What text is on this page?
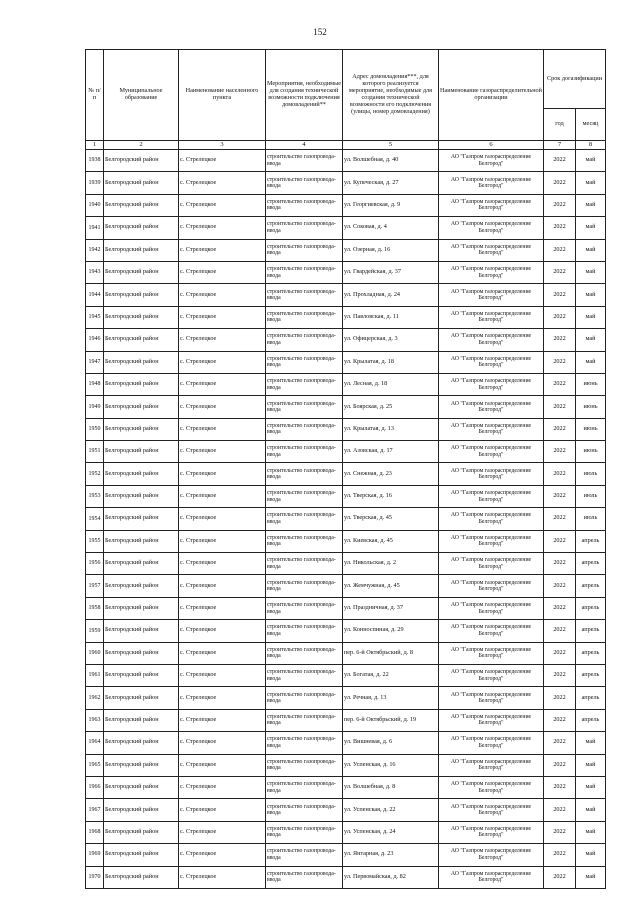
152
№ п/п	Муниципальное образование	Наименование населенного пункта	Мероприятия, необходимые для создания технической возможности подключения домовладений**	Адрес домовладения***, для которого реализуется мероприятие, необходимые для создания технической возможности его подключения (улицы, номер домовладения)	Наименование газораспределительной организации	Срок догазификации	
						год	месяц
1	2	3	4	5	6	7	8
1938	Белгородский район	с. Стрелецкое	строительство газопровода-ввода	ул. Волшебная, д. 40	АО "Газпром газораспределение Белгород"	2022	май
1939	Белгородский район	с. Стрелецкое	строительство газопровода-ввода	ул. Купеческая, д. 27	АО "Газпром газораспределение Белгород"	2022	май
1940	Белгородский район	с. Стрелецкое	строительство газопровода-ввода	ул. Георгиевская, д. 9	АО "Газпром газораспределение Белгород"	2022	май
1941	Белгородский район	с. Стрелецкое	строительство газопровода-ввода	ул. Соковая, д. 4	АО "Газпром газораспределение Белгород"	2022	май
1942	Белгородский район	с. Стрелецкое	строительство газопровода-ввода	ул. Озерная, д. 16	АО "Газпром газораспределение Белгород"	2022	май
1943	Белгородский район	с. Стрелецкое	строительство газопровода-ввода	ул. Гвардейская, д. 37	АО "Газпром газораспределение Белгород"	2022	май
1944	Белгородский район	с. Стрелецкое	строительство газопровода-ввода	ул. Прохладная, д. 24	АО "Газпром газораспределение Белгород"	2022	май
1945	Белгородский район	с. Стрелецкое	строительство газопровода-ввода	ул. Павловская, д. 11	АО "Газпром газораспределение Белгород"	2022	май
1946	Белгородский район	с. Стрелецкое	строительство газопровода-ввода	ул. Офицерская, д. 3	АО "Газпром газораспределение Белгород"	2022	май
1947	Белгородский район	с. Стрелецкое	строительство газопровода-ввода	ул. Крылатая, д. 18	АО "Газпром газораспределение Белгород"	2022	май
1948	Белгородский район	с. Стрелецкое	строительство газопровода-ввода	ул. Лесная, д. 18	АО "Газпром газораспределение Белгород"	2022	июнь
1949	Белгородский район	с. Стрелецкое	строительство газопровода-ввода	ул. Боярская, д. 25	АО "Газпром газораспределение Белгород"	2022	июнь
1950	Белгородский район	с. Стрелецкое	строительство газопровода-ввода	ул. Крылатая, д. 13	АО "Газпром газораспределение Белгород"	2022	июнь
1951	Белгородский район	с. Стрелецкое	строительство газопровода-ввода	ул. Азовская, д. 17	АО "Газпром газораспределение Белгород"	2022	июнь
1952	Белгородский район	с. Стрелецкое	строительство газопровода-ввода	ул. Снежная, д. 23	АО "Газпром газораспределение Белгород"	2022	июль
1953	Белгородский район	с. Стрелецкое	строительство газопровода-ввода	ул. Тверская, д. 16	АО "Газпром газораспределение Белгород"	2022	июль
1954	Белгородский район	с. Стрелецкое	строительство газопровода-ввода	ул. Тверская, д. 45	АО "Газпром газораспределение Белгород"	2022	июль
1955	Белгородский район	с. Стрелецкое	строительство газопровода-ввода	ул. Киевская, д. 45	АО "Газпром газораспределение Белгород"	2022	апрель
1956	Белгородский район	с. Стрелецкое	строительство газопровода-ввода	ул. Никольская, д. 2	АО "Газпром газораспределение Белгород"	2022	апрель
1957	Белгородский район	с. Стрелецкое	строительство газопровода-ввода	ул. Жемчужная, д. 45	АО "Газпром газораспределение Белгород"	2022	апрель
1958	Белгородский район	с. Стрелецкое	строительство газопровода-ввода	ул. Праздничная, д. 37	АО "Газпром газораспределение Белгород"	2022	апрель
1959	Белгородский район	с. Стрелецкое	строительство газопровода-ввода	ул. Конноспиная, д. 29	АО "Газпром газораспределение Белгород"	2022	апрель
1960	Белгородский район	с. Стрелецкое	строительство газопровода-ввода	пер. 6-й Октябрьский, д. 8	АО "Газпром газораспределение Белгород"	2022	апрель
1961	Белгородский район	с. Стрелецкое	строительство газопровода-ввода	ул. Богатая, д. 22	АО "Газпром газораспределение Белгород"	2022	апрель
1962	Белгородский район	с. Стрелецкое	строительство газопровода-ввода	ул. Речная, д. 13	АО "Газпром газораспределение Белгород"	2022	апрель
1963	Белгородский район	с. Стрелецкое	строительство газопровода-ввода	пер. 6-й Октябрьский, д. 19	АО "Газпром газораспределение Белгород"	2022	апрель
1964	Белгородский район	с. Стрелецкое	строительство газопровода-ввода	ул. Вишневая, д. 6	АО "Газпром газораспределение Белгород"	2022	май
1965	Белгородский район	с. Стрелецкое	строительство газопровода-ввода	ул. Успенская, д. 16	АО "Газпром газораспределение Белгород"	2022	май
1966	Белгородский район	с. Стрелецкое	строительство газопровода-ввода	ул. Волшебная, д. 8	АО "Газпром газораспределение Белгород"	2022	май
1967	Белгородский район	с. Стрелецкое	строительство газопровода-ввода	ул. Успенская, д. 22	АО "Газпром газораспределение Белгород"	2022	май
1968	Белгородский район	с. Стрелецкое	строительство газопровода-ввода	ул. Успенская, д. 24	АО "Газпром газораспределение Белгород"	2022	май
1969	Белгородский район	с. Стрелецкое	строительство газопровода-ввода	ул. Янтарная, д. 23	АО "Газпром газораспределение Белгород"	2022	май
1970	Белгородский район	с. Стрелецкое	строительство газопровода-ввода	ул. Первомайская, д. 82	АО "Газпром газораспределение Белгород"	2022	май
